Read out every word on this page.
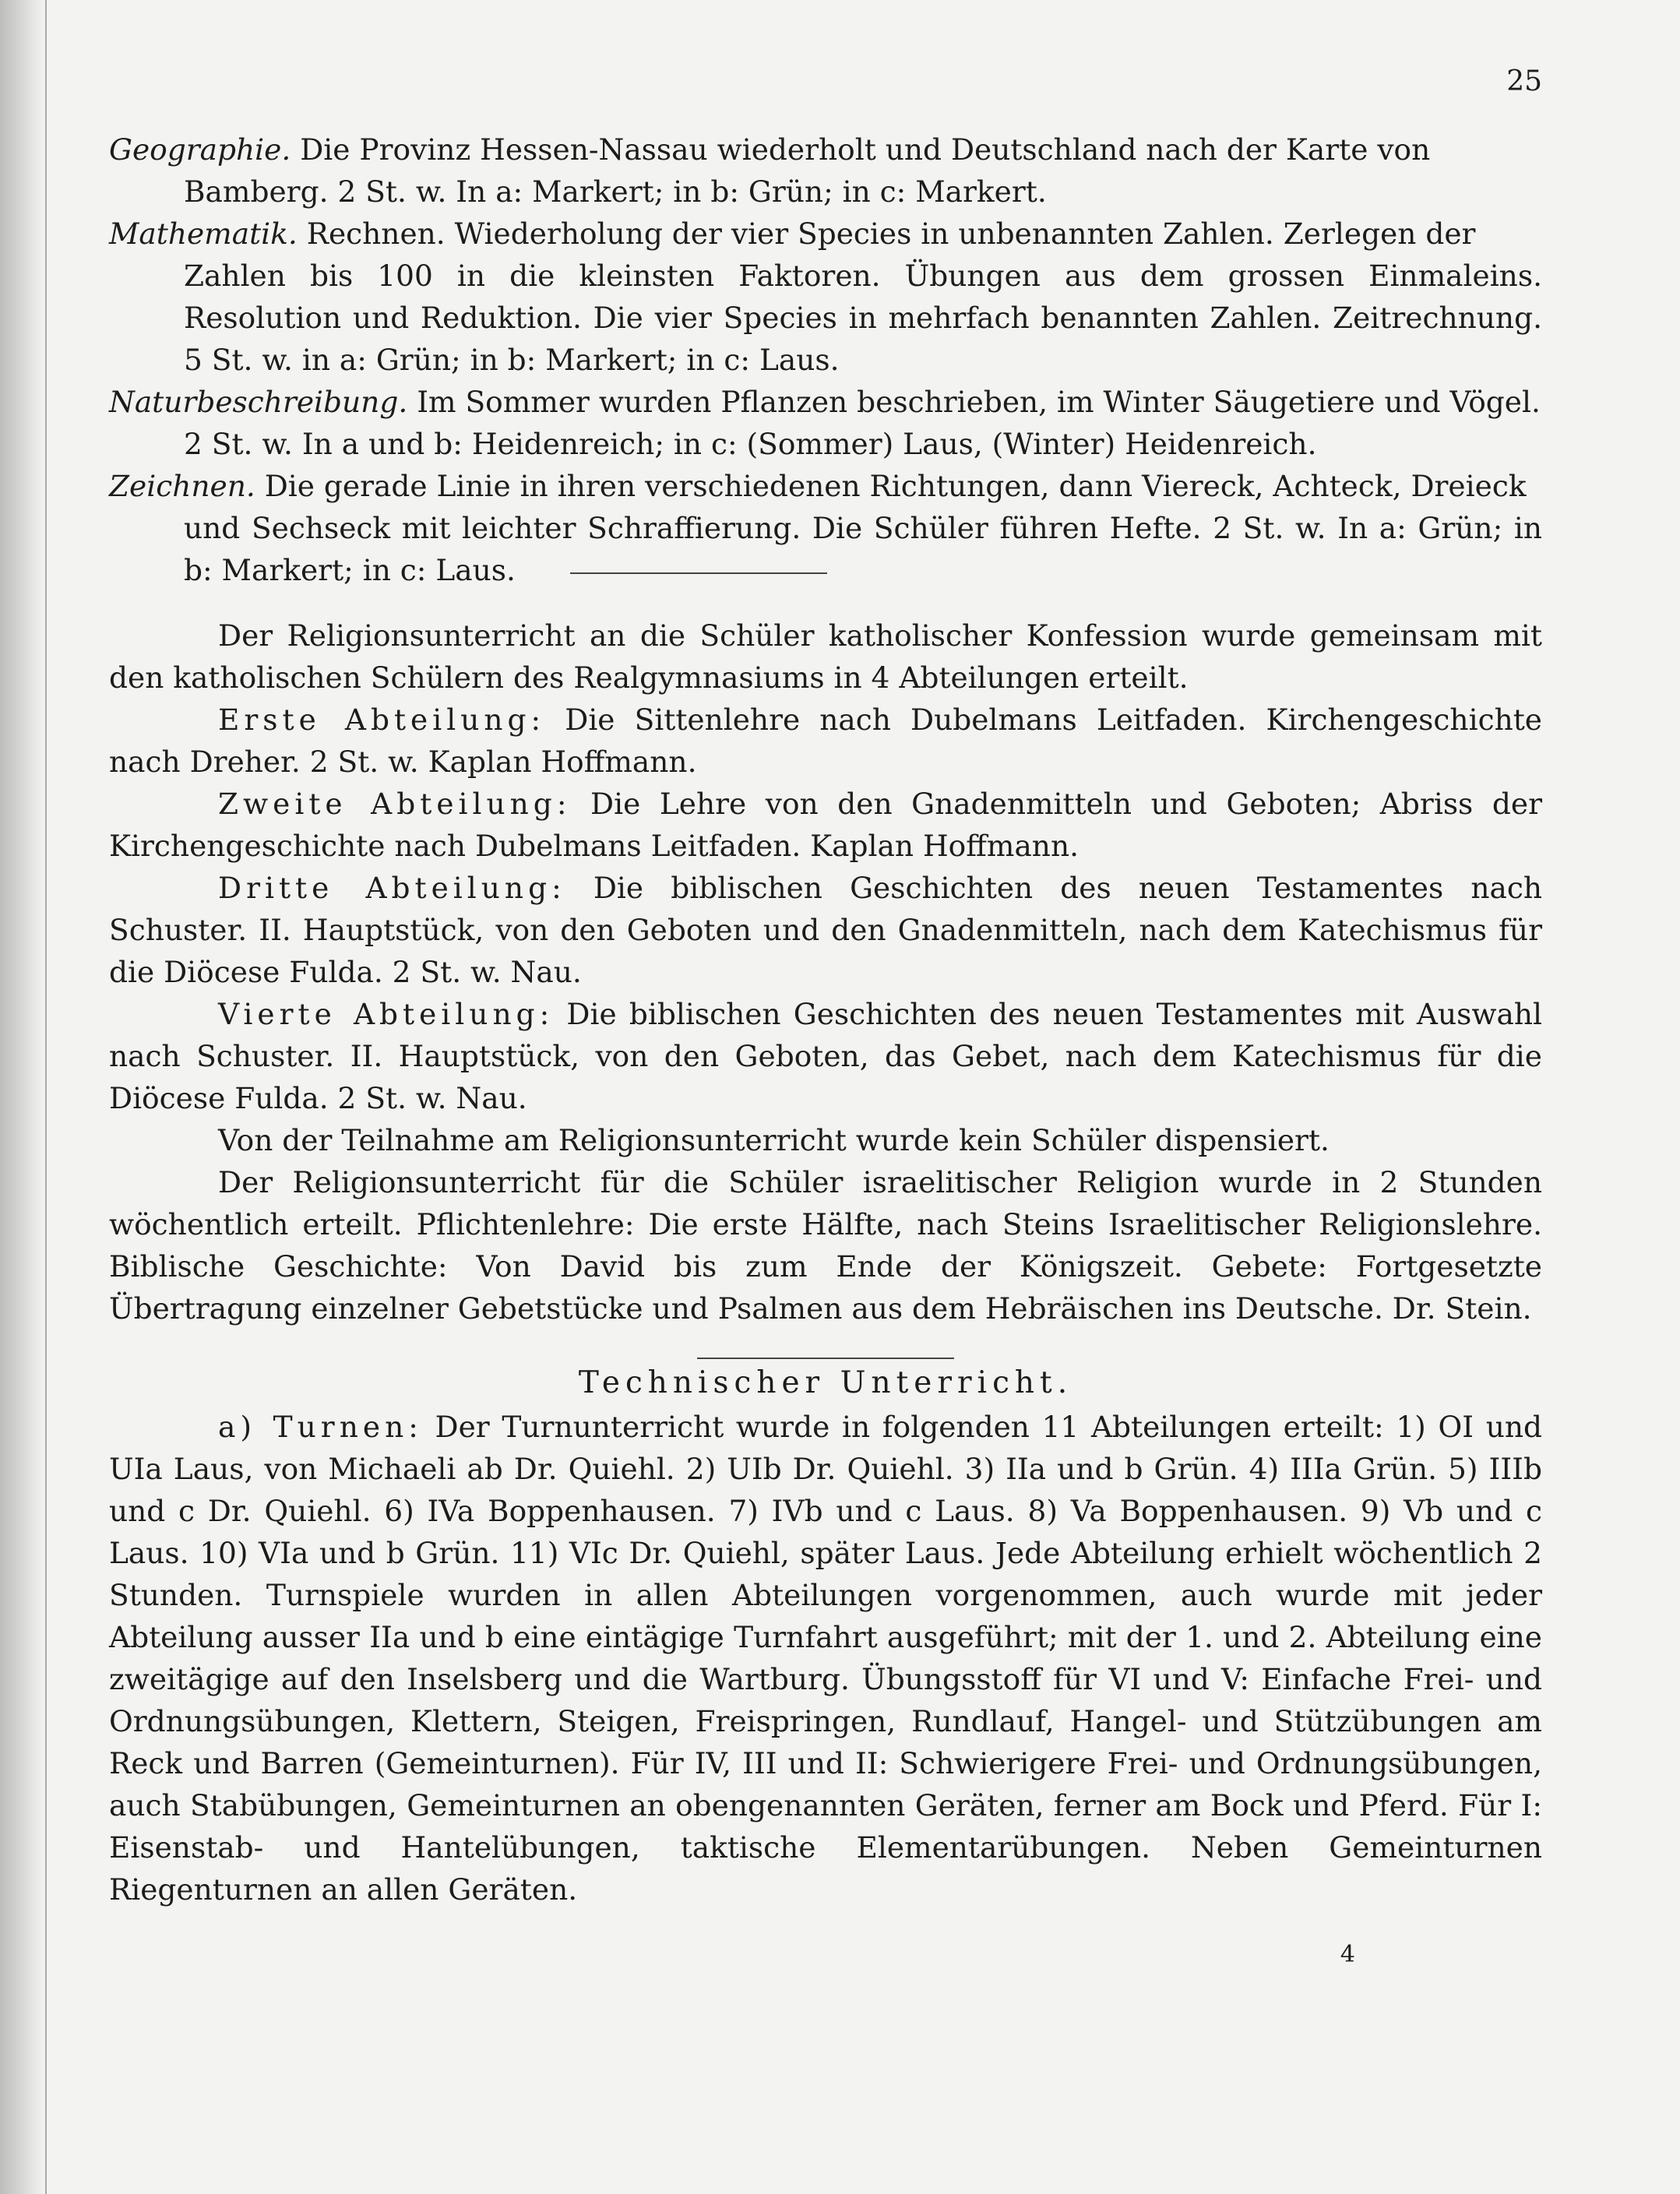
25
Geographie. Die Provinz Hessen-Nassau wiederholt und Deutschland nach der Karte von
Bamberg. 2 St. w. In a: Markert; in b: Grün; in c: Markert.
Mathematik. Rechnen. Wiederholung der vier Species in unbenannten Zahlen. Zerlegen der
Zahlen bis 100 in die kleinsten Faktoren. Übungen aus dem grossen Einmaleins. Resolution und Reduktion. Die vier Species in mehrfach benannten Zahlen. Zeitrechnung. 5 St. w. in a: Grün; in b: Markert; in c: Laus.
Naturbeschreibung. Im Sommer wurden Pflanzen beschrieben, im Winter Säugetiere und Vögel.
2 St. w. In a und b: Heidenreich; in c: (Sommer) Laus, (Winter) Heidenreich.
Zeichnen. Die gerade Linie in ihren verschiedenen Richtungen, dann Viereck, Achteck, Dreieck
und Sechseck mit leichter Schraffierung. Die Schüler führen Hefte. 2 St. w. In a: Grün; in b: Markert; in c: Laus.
Der Religionsunterricht an die Schüler katholischer Konfession wurde gemeinsam mit den katholischen Schülern des Realgymnasiums in 4 Abteilungen erteilt.
Erste Abteilung: Die Sittenlehre nach Dubelmans Leitfaden. Kirchengeschichte nach Dreher. 2 St. w. Kaplan Hoffmann.
Zweite Abteilung: Die Lehre von den Gnadenmitteln und Geboten; Abriss der Kirchengeschichte nach Dubelmans Leitfaden. Kaplan Hoffmann.
Dritte Abteilung: Die biblischen Geschichten des neuen Testamentes nach Schuster. II. Hauptstück, von den Geboten und den Gnadenmitteln, nach dem Katechismus für die Diöcese Fulda. 2 St. w. Nau.
Vierte Abteilung: Die biblischen Geschichten des neuen Testamentes mit Auswahl nach Schuster. II. Hauptstück, von den Geboten, das Gebet, nach dem Katechismus für die Diöcese Fulda. 2 St. w. Nau.
Von der Teilnahme am Religionsunterricht wurde kein Schüler dispensiert.
Der Religionsunterricht für die Schüler israelitischer Religion wurde in 2 Stunden wöchentlich erteilt. Pflichtenlehre: Die erste Hälfte, nach Steins Israelitischer Religionslehre. Biblische Geschichte: Von David bis zum Ende der Königszeit. Gebete: Fortgesetzte Übertragung einzelner Gebetstücke und Psalmen aus dem Hebräischen ins Deutsche. Dr. Stein.
Technischer Unterricht.
a) Turnen: Der Turnunterricht wurde in folgenden 11 Abteilungen erteilt: 1) OI und UIa Laus, von Michaeli ab Dr. Quiehl. 2) UIb Dr. Quiehl. 3) IIa und b Grün. 4) IIIa Grün. 5) IIIb und c Dr. Quiehl. 6) IVa Boppenhausen. 7) IVb und c Laus. 8) Va Boppenhausen. 9) Vb und c Laus. 10) VIa und b Grün. 11) VIc Dr. Quiehl, später Laus. Jede Abteilung erhielt wöchentlich 2 Stunden. Turnspiele wurden in allen Abteilungen vorgenommen, auch wurde mit jeder Abteilung ausser IIa und b eine eintägige Turnfahrt ausgeführt; mit der 1. und 2. Abteilung eine zweitägige auf den Inselsberg und die Wartburg. Übungsstoff für VI und V: Einfache Frei- und Ordnungsübungen, Klettern, Steigen, Freispringen, Rundlauf, Hangel- und Stützübungen am Reck und Barren (Gemeinturnen). Für IV, III und II: Schwierigere Frei- und Ordnungsübungen, auch Stabübungen, Gemeinturnen an obengenannten Geräten, ferner am Bock und Pferd. Für I: Eisenstab- und Hantelübungen, taktische Elementarübungen. Neben Gemeinturnen Riegenturnen an allen Geräten.
4
